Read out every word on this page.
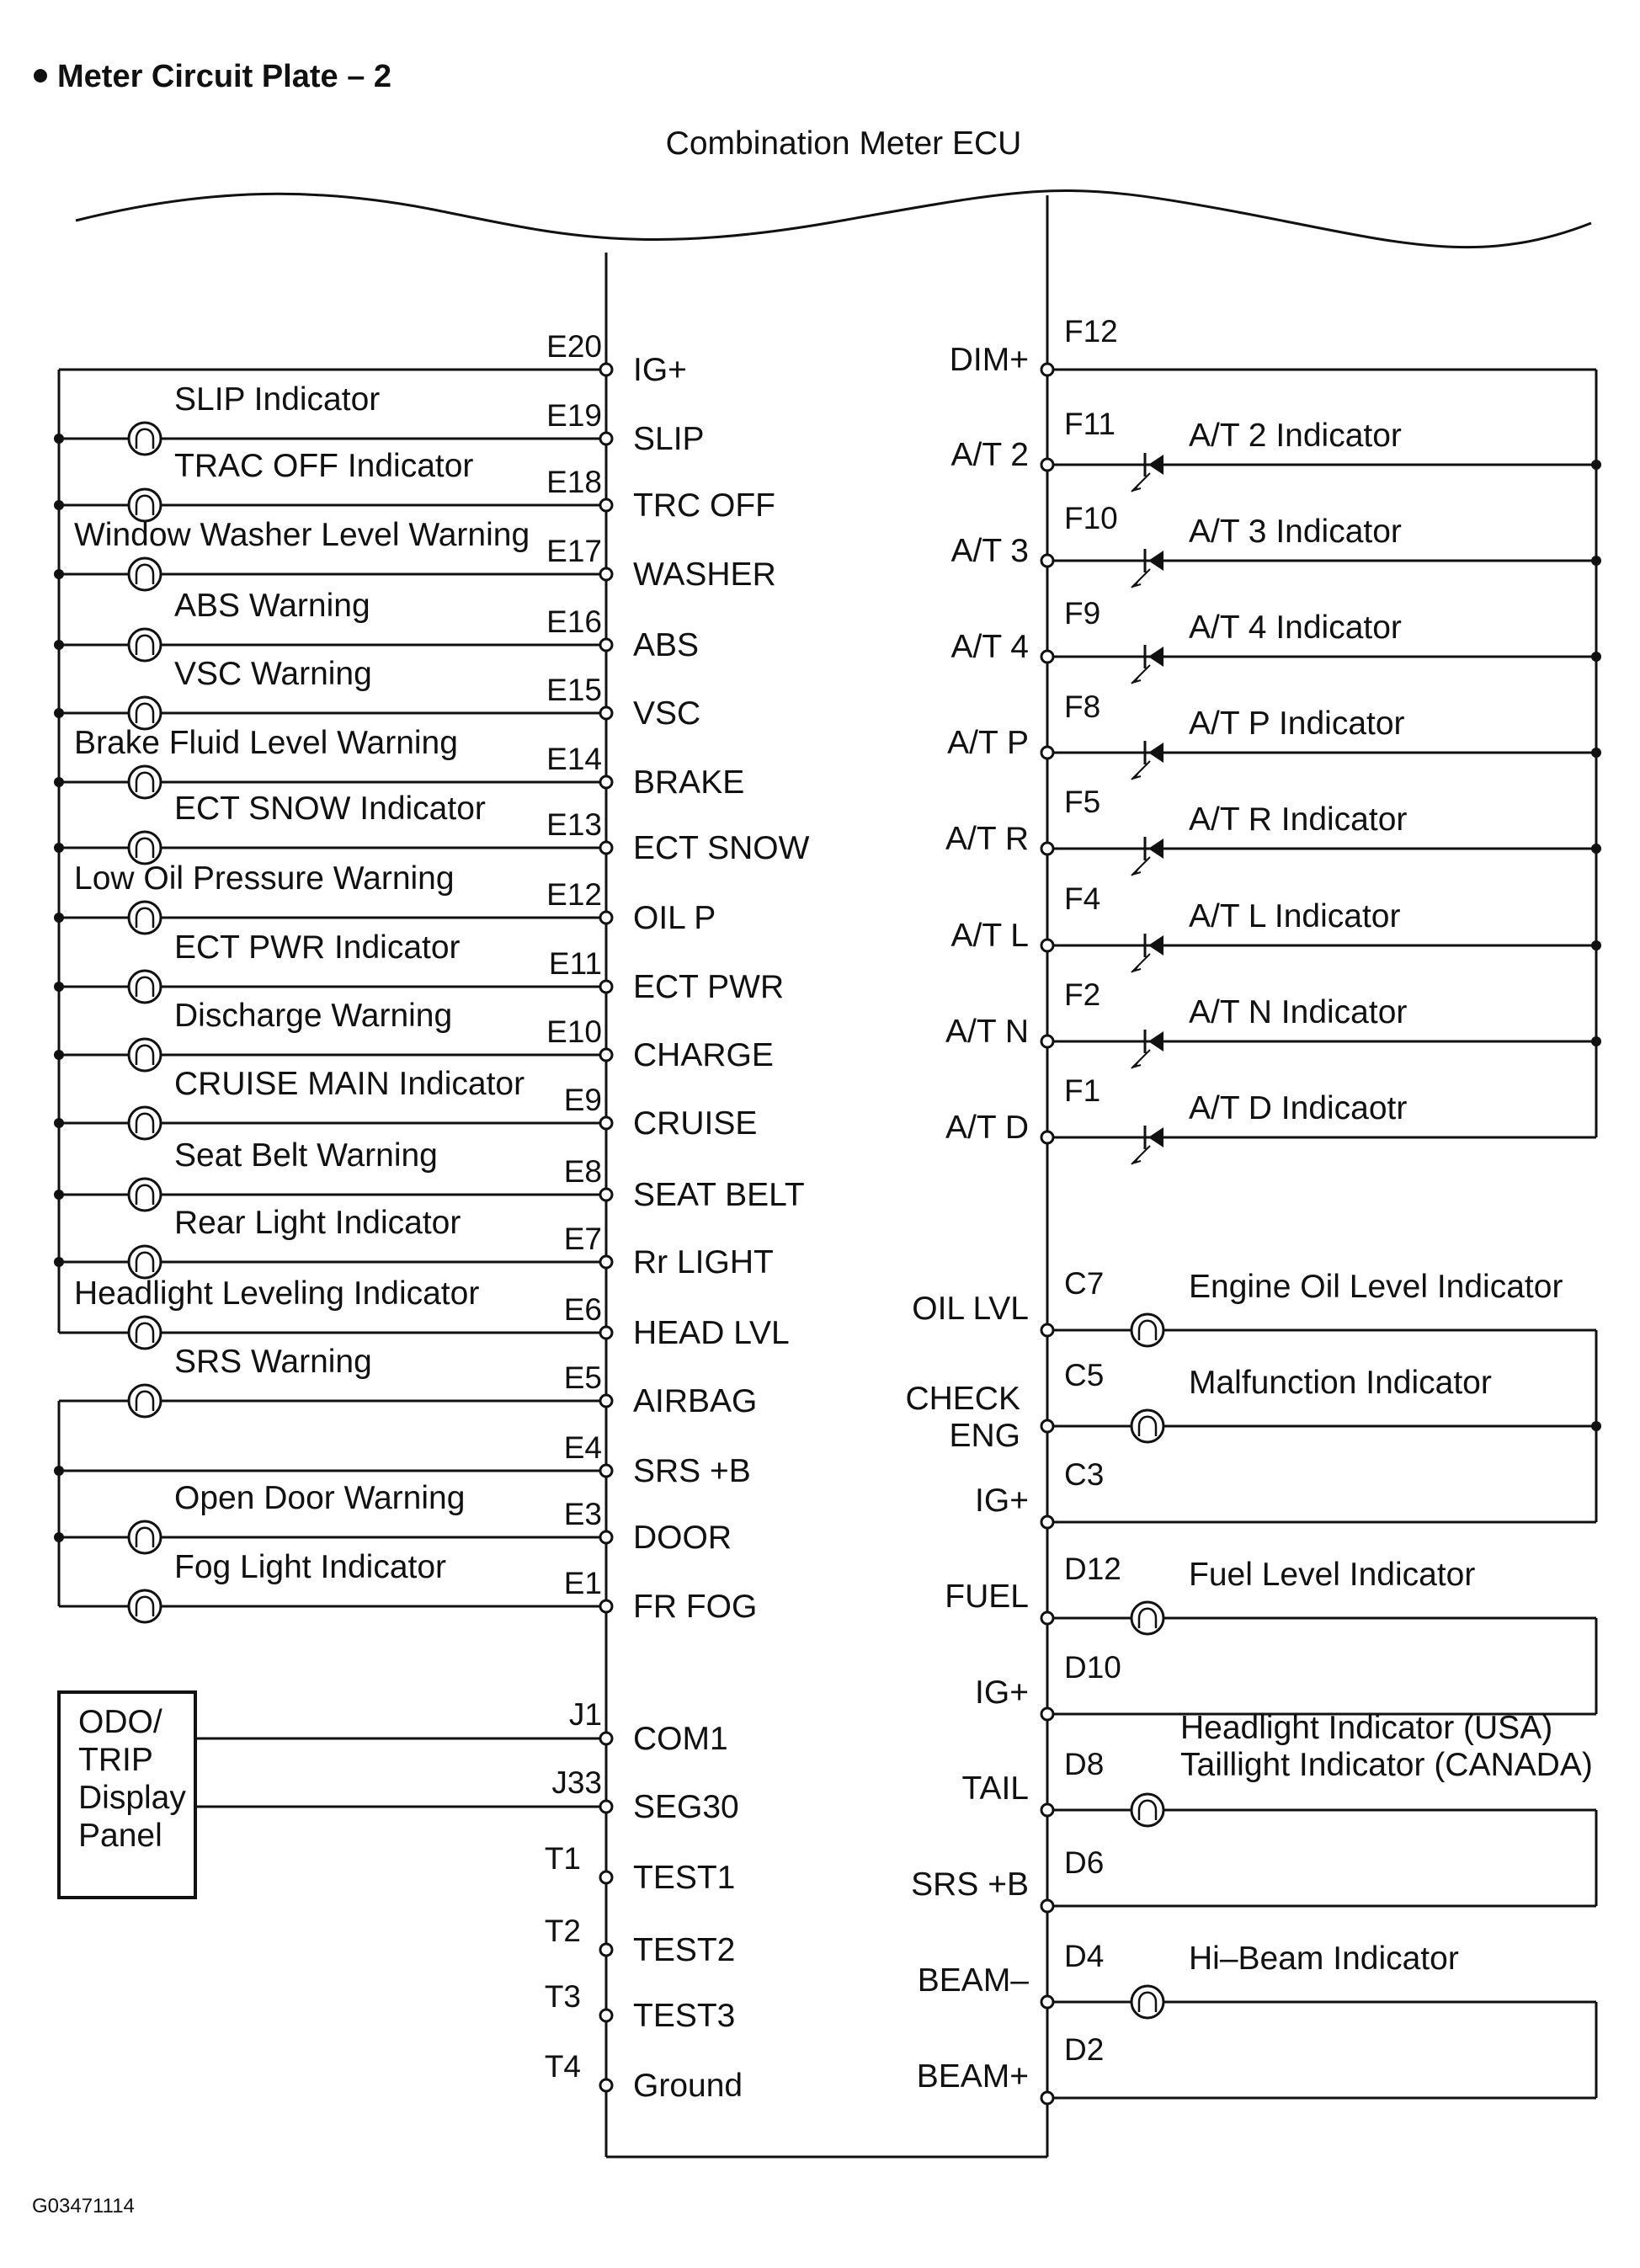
Meter Circuit Plate – 2
Combination Meter ECU
G03471114
ODO/
TRIP
Display
Panel
E20
IG+
E19
SLIP
SLIP Indicator
E18
TRC OFF
TRAC OFF Indicator
E17
WASHER
Window Washer Level Warning
E16
ABS
ABS Warning
E15
VSC
VSC Warning
E14
BRAKE
Brake Fluid Level Warning
E13
ECT SNOW
ECT SNOW Indicator
E12
OIL P
Low Oil Pressure Warning
E11
ECT PWR
ECT PWR Indicator
E10
CHARGE
Discharge Warning
E9
CRUISE
CRUISE MAIN Indicator
E8
SEAT BELT
Seat Belt Warning
E7
Rr LIGHT
Rear Light Indicator
E6
HEAD LVL
Headlight Leveling Indicator
E5
AIRBAG
SRS Warning
E4
SRS +B
E3
DOOR
Open Door Warning
E1
FR FOG
Fog Light Indicator
J1
COM1
J33
SEG30
T1
TEST1
T2
TEST2
T3
TEST3
T4
Ground
F12
DIM+
F11
A/T 2
A/T 2 Indicator
F10
A/T 3
A/T 3 Indicator
F9
A/T 4
A/T 4 Indicator
F8
A/T P
A/T P Indicator
F5
A/T R
A/T R Indicator
F4
A/T L
A/T L Indicator
F2
A/T N
A/T N Indicator
F1
A/T D
A/T D Indicaotr
C7
OIL LVL
Engine Oil Level Indicator
C5
CHECK ENG
Malfunction Indicator
C3
IG+
D12
FUEL
Fuel Level Indicator
D10
IG+
D8
TAIL
Headlight Indicator (USA)
Taillight Indicator (CANADA)
D6
SRS +B
D4
BEAM–
Hi–Beam Indicator
D2
BEAM+
